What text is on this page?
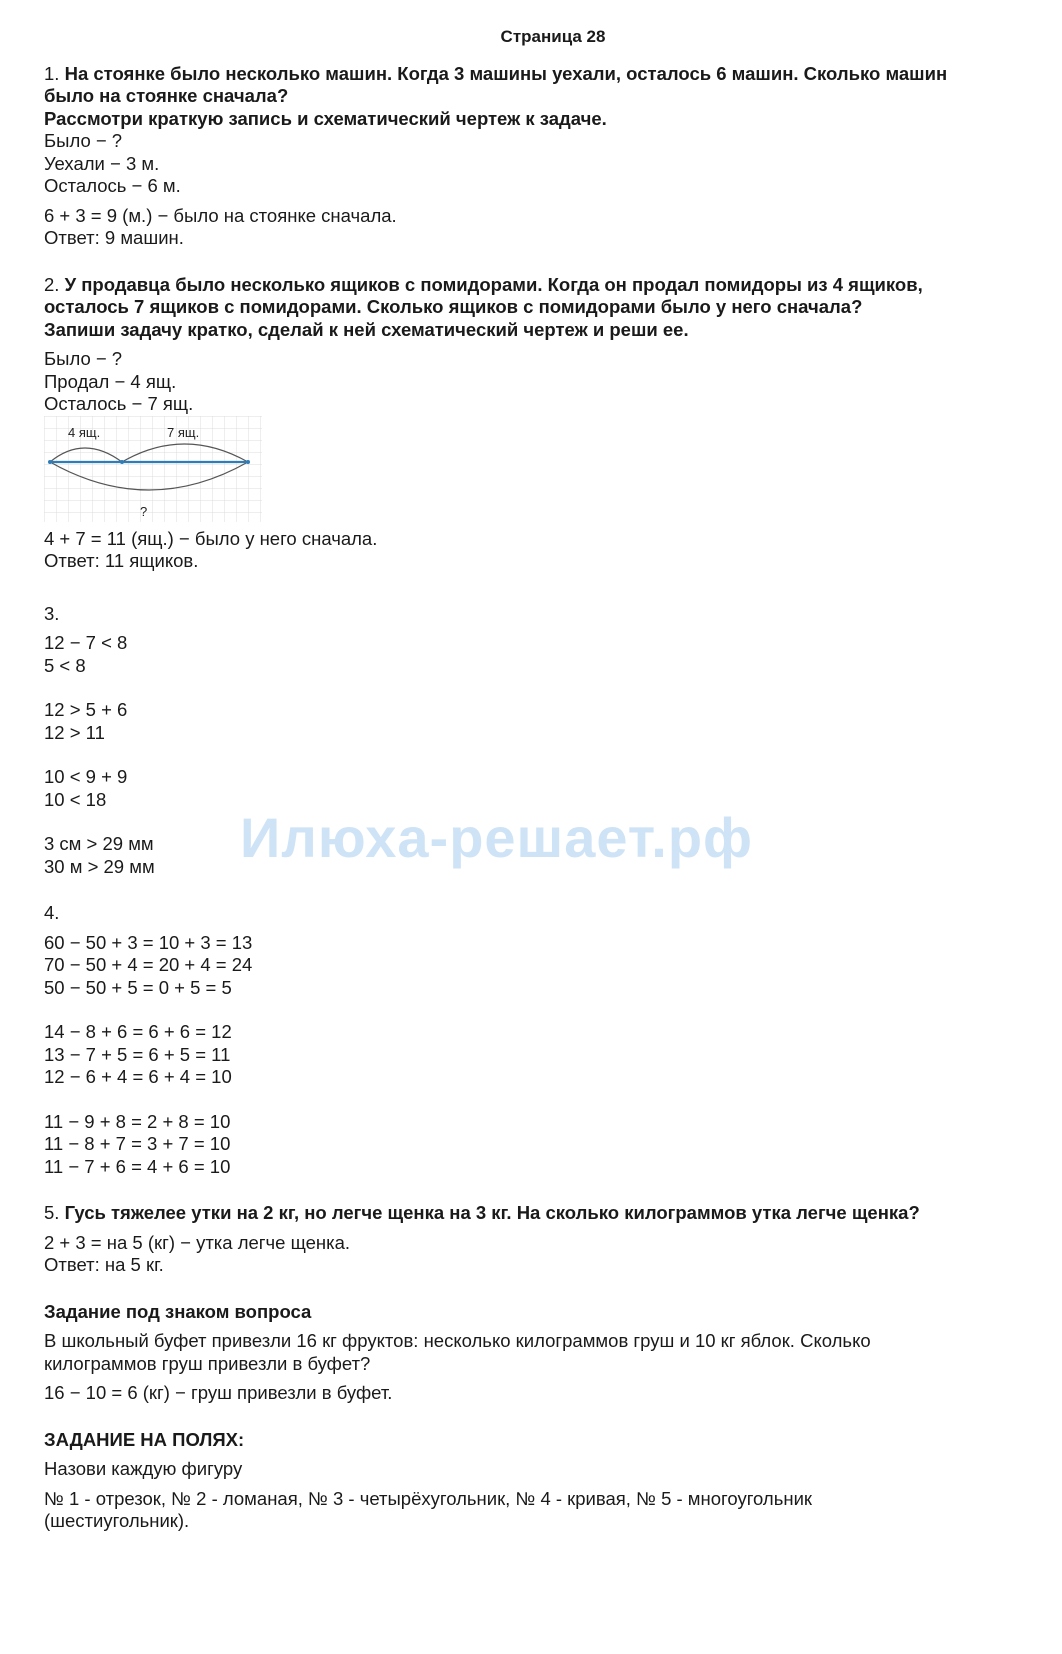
Илюха-решает.рф

Страница 28

1. На стоянке было несколько машин. Когда 3 машины уехали, осталось 6 машин. Сколько машин

было на стоянке сначала?

Рассмотри краткую запись и схематический чертеж к задаче.

Было − ?

Уехали − 3 м.

Осталось − 6 м.

6 + 3 = 9 (м.) − было на стоянке сначала.

Ответ: 9 машин.

2. У продавца было несколько ящиков с помидорами. Когда он продал помидоры из 4 ящиков,

осталось 7 ящиков с помидорами. Сколько ящиков с помидорами было у него сначала?

Запиши задачу кратко, сделай к ней схематический чертеж и реши ее.

Было − ?

Продал − 4 ящ.

Осталось − 7 ящ.

4 ящ.	7 ящ.
?

4 + 7 = 11 (ящ.) − было у него сначала.

Ответ: 11 ящиков.

3.

12 − 7 < 8

5 < 8

12 > 5 + 6

12 > 11

10 < 9 + 9

10 < 18

3 см > 29 мм

30 м > 29 мм

4.

60 − 50 + 3 = 10 + 3 = 13

70 − 50 + 4 = 20 + 4 = 24

50 − 50 + 5 = 0 + 5 = 5

14 − 8 + 6 = 6 + 6 = 12

13 − 7 + 5 = 6 + 5 = 11

12 − 6 + 4 = 6 + 4 = 10

11 − 9 + 8 = 2 + 8 = 10

11 − 8 + 7 = 3 + 7 = 10

11 − 7 + 6 = 4 + 6 = 10

5. Гусь тяжелее утки на 2 кг, но легче щенка на 3 кг. На сколько килограммов утка легче щенка?

2 + 3 = на 5 (кг) − утка легче щенка.

Ответ: на 5 кг.

Задание под знаком вопроса

В школьный буфет привезли 16 кг фруктов: несколько килограммов груш и 10 кг яблок. Сколько

килограммов груш привезли в буфет?

16 − 10 = 6 (кг) − груш привезли в буфет.

ЗАДАНИЕ НА ПОЛЯХ:

Назови каждую фигуру

№ 1 - отрезок, № 2 - ломаная, № 3 - четырёхугольник, № 4 - кривая, № 5 - многоугольник

(шестиугольник).
